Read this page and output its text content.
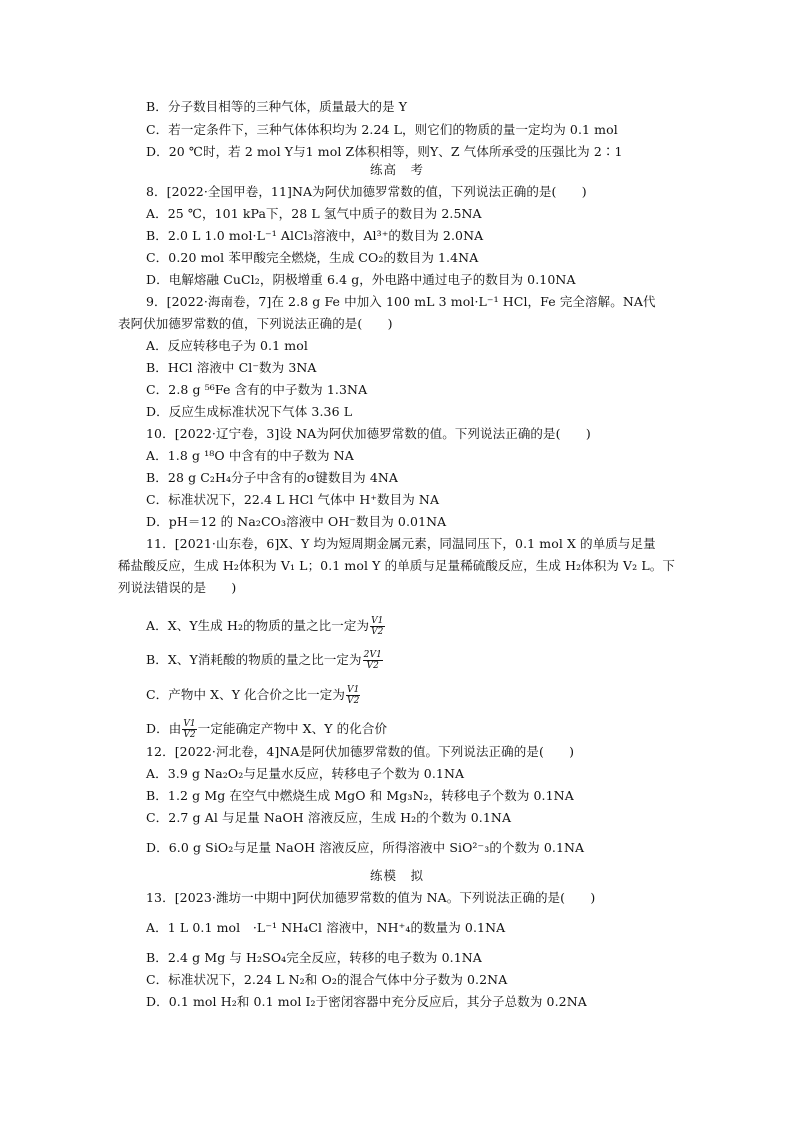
B．分子数目相等的三种气体，质量最大的是 Y
C．若一定条件下，三种气体体积均为 2.24 L，则它们的物质的量一定均为 0.1 mol
D．20 ℃时，若 2 mol Y与1 mol Z体积相等，则Y、Z 气体所承受的压强比为 2∶1
练高　考
8．[2022·全国甲卷，11]NA为阿伏加德罗常数的值，下列说法正确的是(　　)
A．25 ℃，101 kPa下，28 L 氢气中质子的数目为 2.5NA
B．2.0 L 1.0 mol·L⁻¹ AlCl₃溶液中，Al³⁺的数目为 2.0NA
C．0.20 mol 苯甲酸完全燃烧，生成 CO₂的数目为 1.4NA
D．电解熔融 CuCl₂，阴极增重 6.4 g，外电路中通过电子的数目为 0.10NA
9．[2022·海南卷，7]在 2.8 g Fe 中加入 100 mL 3 mol·L⁻¹ HCl，Fe 完全溶解。NA代
表阿伏加德罗常数的值，下列说法正确的是(　　)
A．反应转移电子为 0.1 mol
B．HCl 溶液中 Cl⁻数为 3NA
C．2.8 g ⁵⁶Fe 含有的中子数为 1.3NA
D．反应生成标准状况下气体 3.36 L
10．[2022·辽宁卷，3]设 NA为阿伏加德罗常数的值。下列说法正确的是(　　)
A．1.8 g ¹⁸O 中含有的中子数为 NA
B．28 g C₂H₄分子中含有的σ键数目为 4NA
C．标准状况下，22.4 L HCl 气体中 H⁺数目为 NA
D．pH＝12 的 Na₂CO₃溶液中 OH⁻数目为 0.01NA
11．[2021·山东卷，6]X、Y 均为短周期金属元素，同温同压下，0.1 mol X 的单质与足量
稀盐酸反应，生成 H₂体积为 V₁ L；0.1 mol Y 的单质与足量稀硫酸反应，生成 H₂体积为 V₂ L。下
列说法错误的是　　)
A．X、Y生成 H₂的物质的量之比一定为 $\frac{V1}{V2}$
B．X、Y消耗酸的物质的量之比一定为 $\frac{2V1}{V2}$
C．产物中 X、Y 化合价之比一定为 $\frac{V1}{V2}$
D．由 $\frac{V1}{V2}$ 一定能确定产物中 X、Y 的化合价
12．[2022·河北卷，4]NA是阿伏加德罗常数的值。下列说法正确的是(　　)
A．3.9 g Na₂O₂与足量水反应，转移电子个数为 0.1NA
B．1.2 g Mg 在空气中燃烧生成 MgO 和 Mg₃N₂，转移电子个数为 0.1NA
C．2.7 g Al 与足量 NaOH 溶液反应，生成 H₂的个数为 0.1NA
D．6.0 g SiO₂与足量 NaOH 溶液反应，所得溶液中 SiO²⁻₃的个数为 0.1NA
练模　拟
13．[2023·潍坊一中期中]阿伏加德罗常数的值为 NA。下列说法正确的是(　　)
A．1 L 0.1 mol　·L⁻¹ NH₄Cl 溶液中，NH⁺₄的数量为 0.1NA
B．2.4 g Mg 与 H₂SO₄完全反应，转移的电子数为 0.1NA
C．标准状况下，2.24 L N₂和 O₂的混合气体中分子数为 0.2NA
D．0.1 mol H₂和 0.1 mol I₂于密闭容器中充分反应后，其分子总数为 0.2NA
